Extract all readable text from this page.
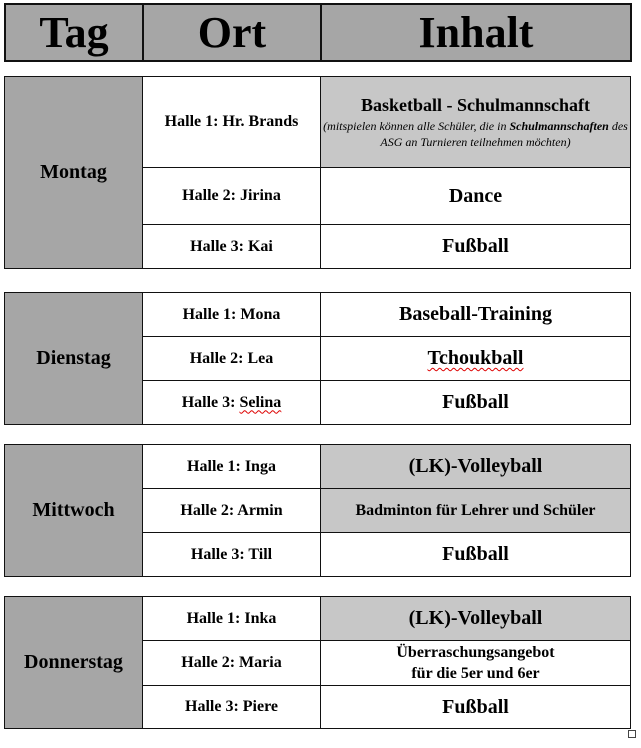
Tag	Ort	Inhalt
Montag	Halle 1: Hr. Brands	Basketball - Schulmannschaft
(mitspielen können alle Schüler, die in Schulmannschaften des ASG an Turnieren teilnehmen möchten)

	Halle 2: Jirina	Dance
	Halle 3: Kai	Fußball
Dienstag	Halle 1: Mona	Baseball-Training
	Halle 2: Lea	Tchoukball
	Halle 3: Selina	Fußball
Mittwoch	Halle 1: Inga	(LK)-Volleyball
	Halle 2: Armin	Badminton für Lehrer und Schüler
	Halle 3: Till	Fußball
Donnerstag	Halle 1: Inka	(LK)-Volleyball
	Halle 2: Maria	Überraschungsangebot
für die 5er und 6er

	Halle 3: Piere	Fußball
